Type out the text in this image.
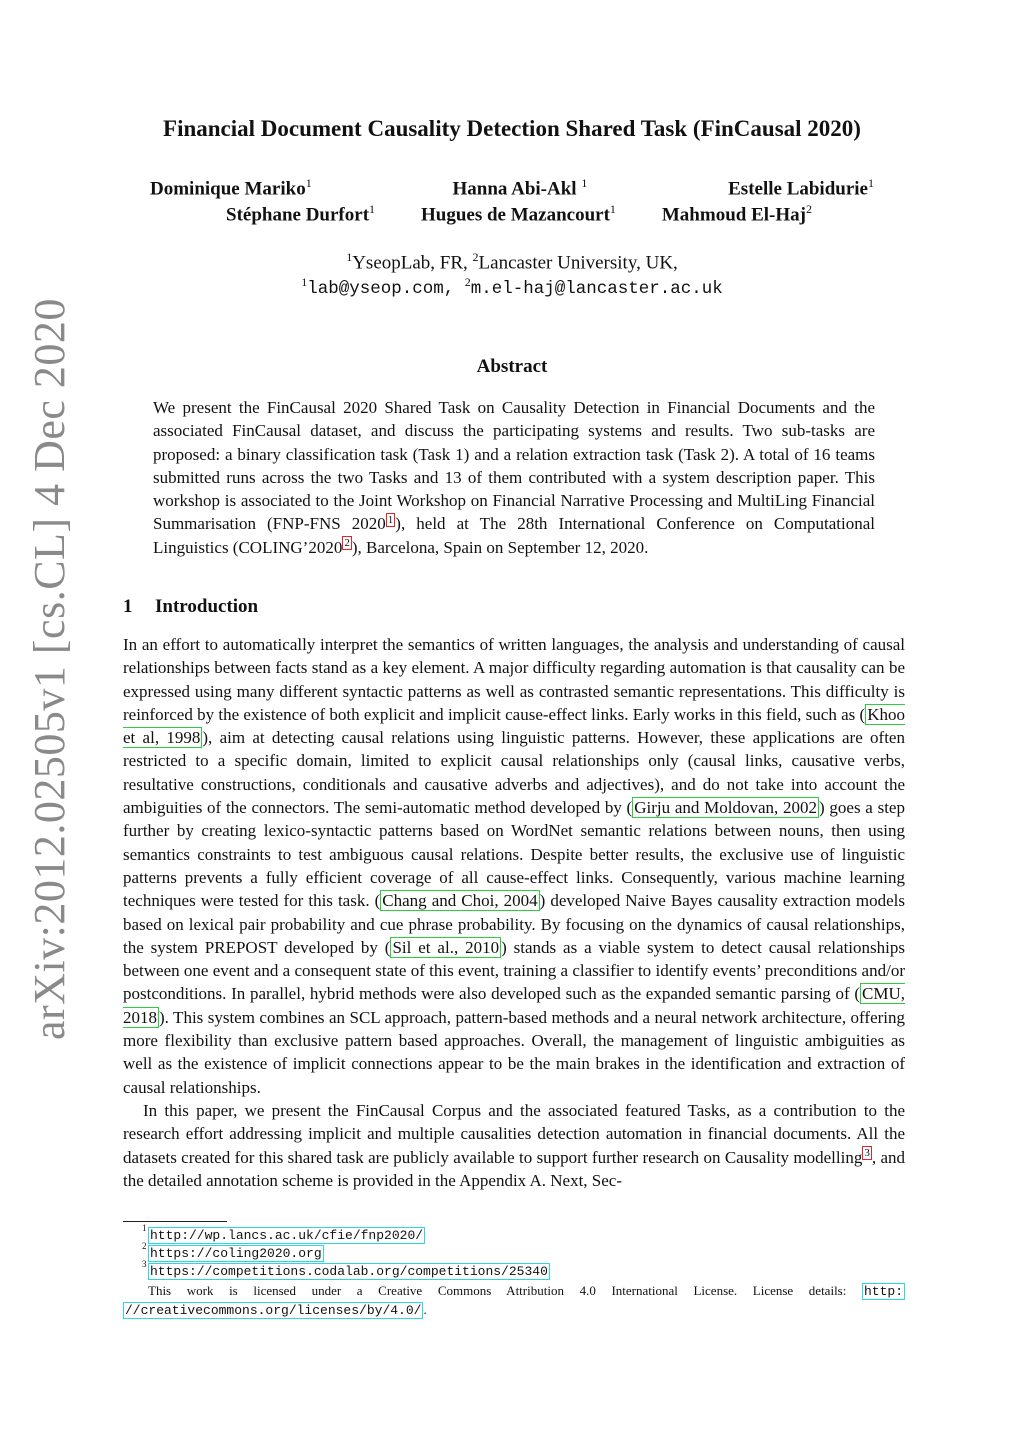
arXiv:2012.02505v1 [cs.CL] 4 Dec 2020
Financial Document Causality Detection Shared Task (FinCausal 2020)
Dominique Mariko$^1$	Hanna Abi-Akl $^1$	Estelle Labidurie$^1$
Stéphane Durfort$^1$ Hugues de Mazancourt$^1$ Mahmoud El-Haj$^2$
$^1$YseopLab, FR, $^2$Lancaster University, UK,
$^1$lab@yseop.com, $^2$m.el-haj@lancaster.ac.uk
Abstract
We present the FinCausal 2020 Shared Task on Causality Detection in Financial Documents and the associated FinCausal dataset, and discuss the participating systems and results. Two sub-tasks are proposed: a binary classification task (Task 1) and a relation extraction task (Task 2). A total of 16 teams submitted runs across the two Tasks and 13 of them contributed with a system description paper. This workshop is associated to the Joint Workshop on Financial Narrative Processing and MultiLing Financial Summarisation (FNP-FNS 2020 $^1$ ), held at The 28th International Conference on Computational Linguistics (COLING’2020 $^2$ ), Barcelona, Spain on September 12, 2020.
1 Introduction

In an effort to automatically interpret the semantics of written languages, the analysis and understanding of causal relationships between facts stand as a key element. A major difficulty regarding automation is that causality can be expressed using many different syntactic patterns as well as contrasted semantic representations. This difficulty is reinforced by the existence of both explicit and implicit cause-effect links. Early works in this field, such as ( Khoo et al, 1998 ), aim at detecting causal relations using linguistic patterns. However, these applications are often restricted to a specific domain, limited to explicit causal relationships only (causal links, causative verbs, resultative constructions, conditionals and causative adverbs and adjectives), and do not take into account the ambiguities of the connectors. The semi-automatic method developed by ( Girju and Moldovan, 2002 ) goes a step further by creating lexico-syntactic patterns based on WordNet semantic relations between nouns, then using semantics constraints to test ambiguous causal relations. Despite better results, the exclusive use of linguistic patterns prevents a fully efficient coverage of all cause-effect links. Consequently, various machine learning techniques were tested for this task. ( Chang and Choi, 2004 ) developed Naive Bayes causality extraction models based on lexical pair probability and cue phrase probability. By focusing on the dynamics of causal relationships, the system PREPOST developed by ( Sil et al., 2010 ) stands as a viable system to detect causal relationships between one event and a consequent state of this event, training a classifier to identify events’ preconditions and/or postconditions. In parallel, hybrid methods were also developed such as the expanded semantic parsing of ( CMU, 2018 ). This system combines an SCL approach, pattern-based methods and a neural network architecture, offering more flexibility than exclusive pattern based approaches. Overall, the management of linguistic ambiguities as well as the existence of implicit connections appear to be the main brakes in the identification and extraction of causal relationships.

In this paper, we present the FinCausal Corpus and the associated featured Tasks, as a contribution to the research effort addressing implicit and multiple causalities detection automation in financial documents. All the datasets created for this shared task are publicly available to support further research on Causality modelling $^3$ , and the detailed annotation scheme is provided in the Appendix A. Next, Sec-

1 http://wp.lancs.ac.uk/cfie/fnp2020/
2 https://coling2020.org
3 https://competitions.codalab.org/competitions/25340
This work is licensed under a Creative Commons Attribution 4.0 International License. License details: http:
//creativecommons.org/licenses/by/4.0/ .
